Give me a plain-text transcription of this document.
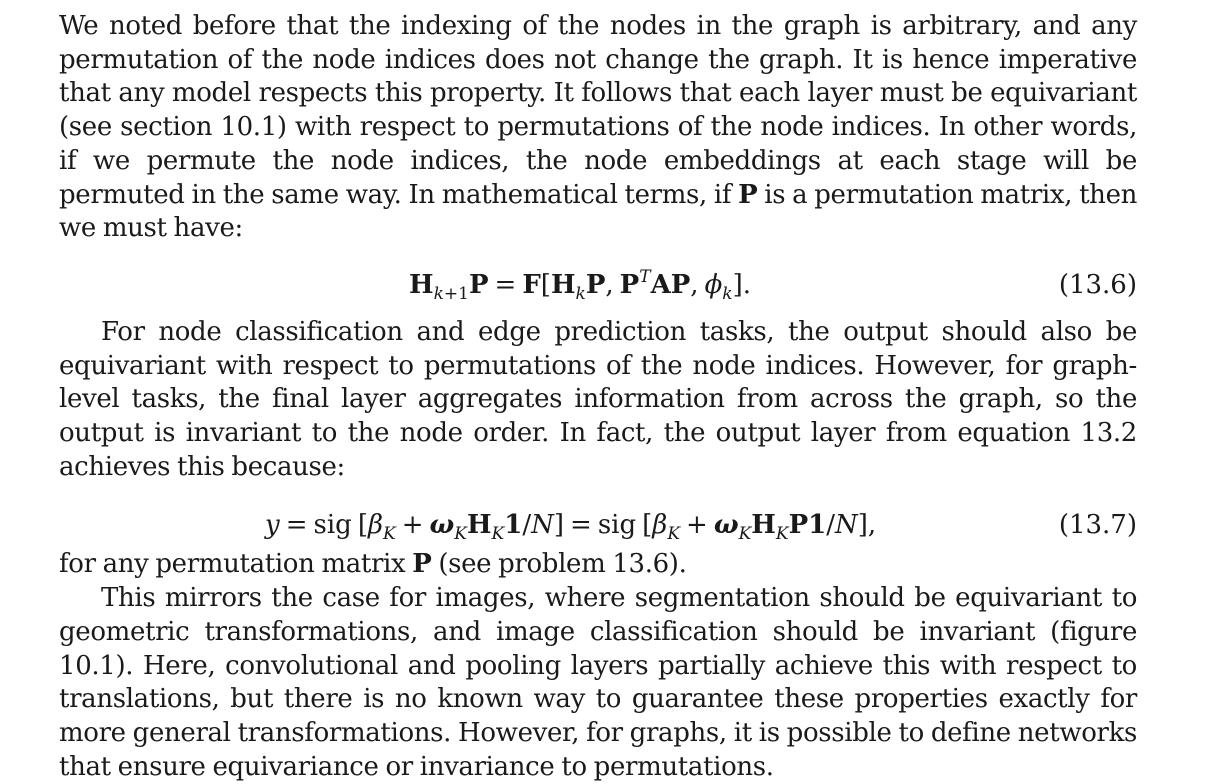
We noted before that the indexing of the nodes in the graph is arbitrary, and any permutation of the node indices does not change the graph. It is hence imperative that any model respects this property. It follows that each layer must be equivariant (see section 10.1) with respect to permutations of the node indices. In other words, if we permute the node indices, the node embeddings at each stage will be permuted in the same way. In mathematical terms, if P is a permutation matrix, then we must have:

$H_{k+1}P = F[H_kP$, $P^TAP$, $\phi_k$].	(13.6)

For node classification and edge prediction tasks, the output should also be equivariant with respect to permutations of the node indices. However, for graph-level tasks, the final layer aggregates information from across the graph, so the output is invariant to the node order. In fact, the output layer from equation 13.2 achieves this because:

y = sig $[\beta_K + \omega_KH_K1/N]$ = sig $[\beta_K + \omega_KH_KP1/N]$,	(13.7)

for any permutation matrix P (see problem 13.6).

This mirrors the case for images, where segmentation should be equivariant to geometric transformations, and image classification should be invariant (figure 10.1). Here, convolutional and pooling layers partially achieve this with respect to translations, but there is no known way to guarantee these properties exactly for more general transformations. However, for graphs, it is possible to define networks that ensure equivariance or invariance to permutations.
